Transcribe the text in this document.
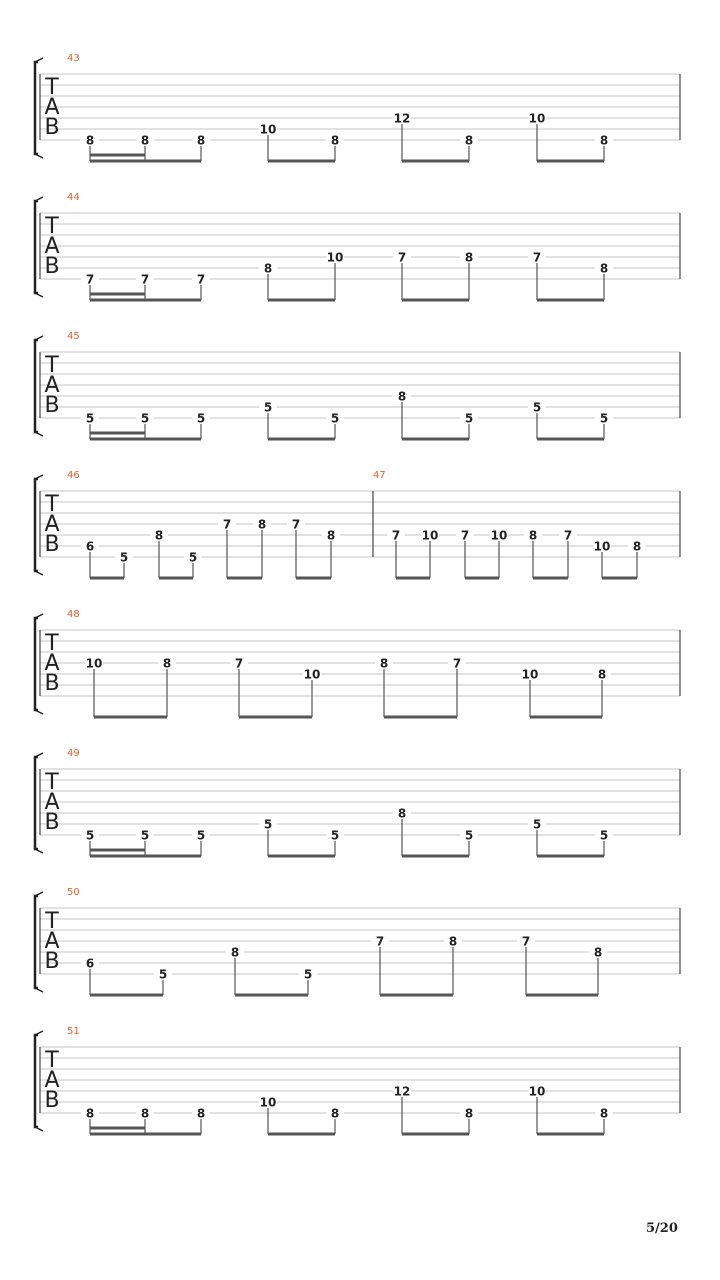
T
A
B
43
8	8	8
10
8
12
8
10
8
T
A
B
44
7	7	7
8
10	7	8	7
8
T
A
B
45
5	5	5
5
5
8
5
5
5
T
A
B
46
6
5
8
5
7 8 7
8
47
7 10 7 10 8 7
10 8
T
A
B
48
10	8	7
10
8	7
10	8
T
A
B
49
5	5	5
5
5
8
5
5
5
T
A
B
50
6
5
8
5
7	8	7
8
T
A
B
51
8	8	8
10
8
12
8
10
8
5/20
